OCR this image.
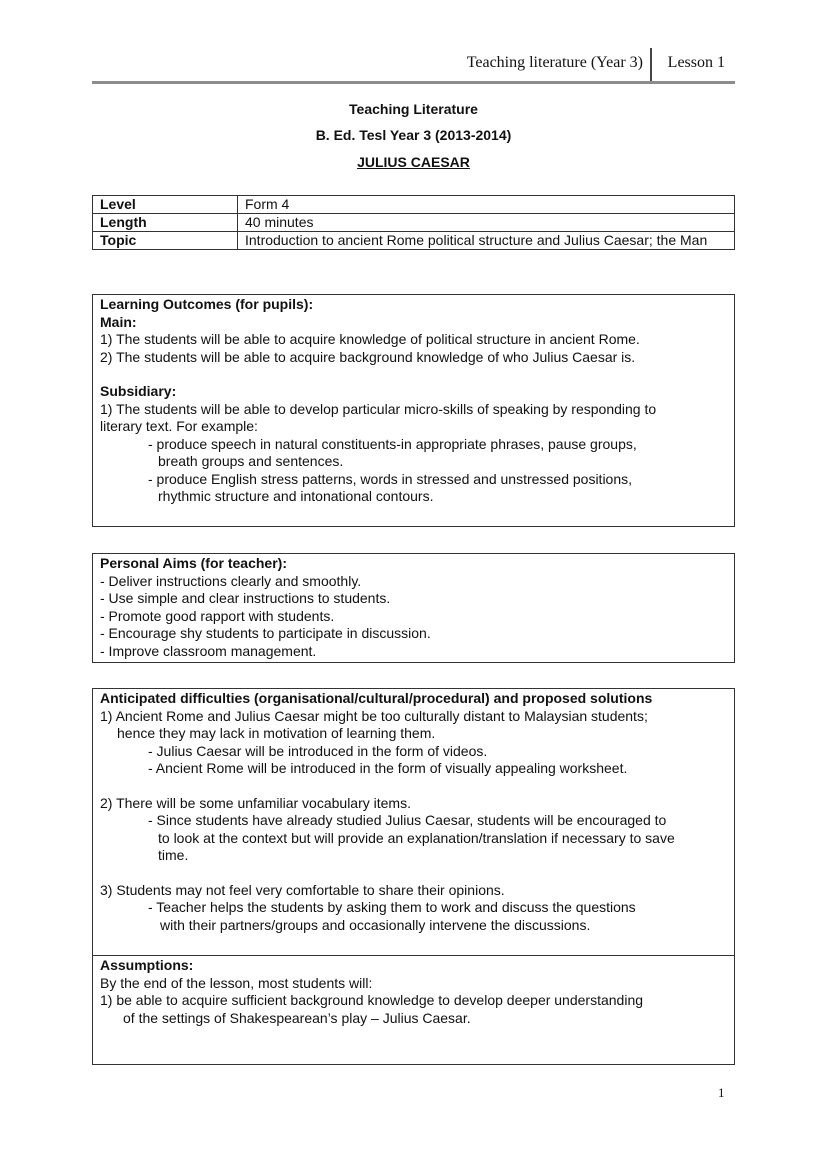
Teaching literature (Year 3) Lesson 1
Teaching Literature
B. Ed. Tesl Year 3 (2013-2014)
JULIUS CAESAR
Level	Form 4
Length	40 minutes
Topic	Introduction to ancient Rome political structure and Julius Caesar; the Man

Learning Outcomes (for pupils):

Main:

1) The students will be able to acquire knowledge of political structure in ancient Rome.

2) The students will be able to acquire background knowledge of who Julius Caesar is.

Subsidiary:

1) The students will be able to develop particular micro-skills of speaking by responding to

literary text. For example:

- produce speech in natural constituents-in appropriate phrases, pause groups,

breath groups and sentences.

- produce English stress patterns, words in stressed and unstressed positions,

rhythmic structure and intonational contours.

Personal Aims (for teacher):

- Deliver instructions clearly and smoothly.

- Use simple and clear instructions to students.

- Promote good rapport with students.

- Encourage shy students to participate in discussion.

- Improve classroom management.

Anticipated difficulties (organisational/cultural/procedural) and proposed solutions

1) Ancient Rome and Julius Caesar might be too culturally distant to Malaysian students;

hence they may lack in motivation of learning them.

- Julius Caesar will be introduced in the form of videos.

- Ancient Rome will be introduced in the form of visually appealing worksheet.

2) There will be some unfamiliar vocabulary items.

- Since students have already studied Julius Caesar, students will be encouraged to

to look at the context but will provide an explanation/translation if necessary to save

time.

3) Students may not feel very comfortable to share their opinions.

- Teacher helps the students by asking them to work and discuss the questions

with their partners/groups and occasionally intervene the discussions.

Assumptions:

By the end of the lesson, most students will:

1) be able to acquire sufficient background knowledge to develop deeper understanding

of the settings of Shakespearean’s play – Julius Caesar.

1
